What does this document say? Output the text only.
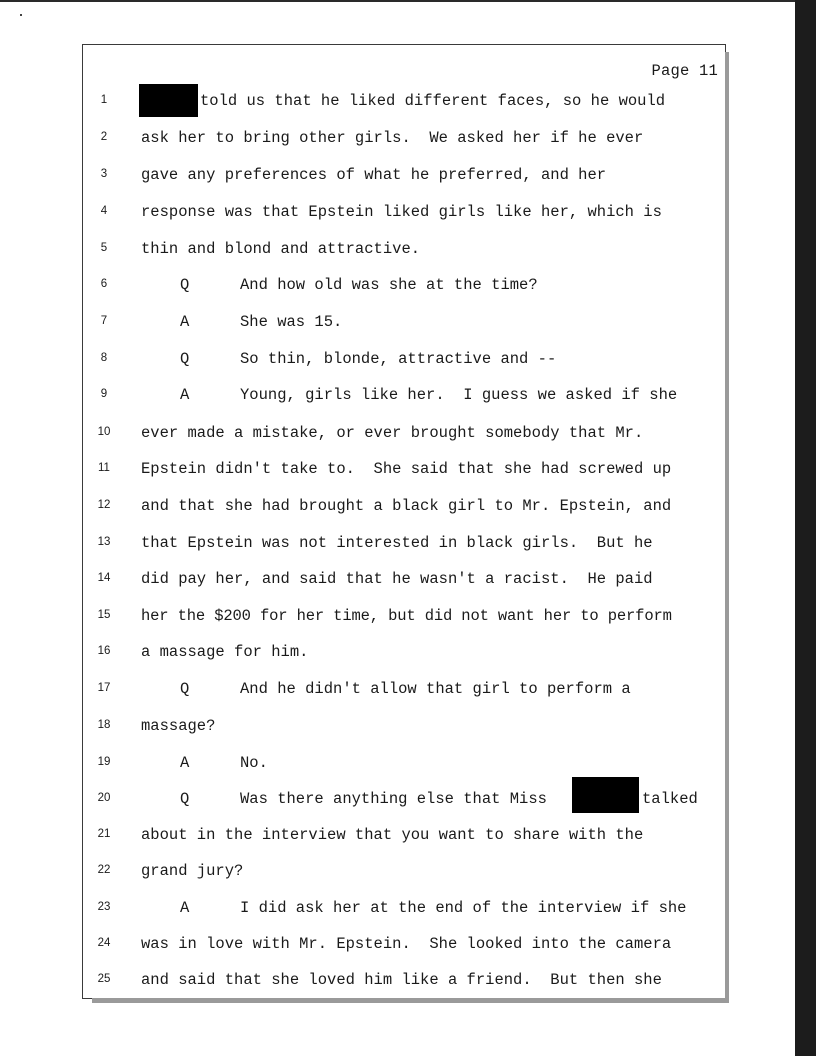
Page 11
1	told us that he liked different faces, so he would
2	ask her to bring other girls.  We asked her if he ever
3	gave any preferences of what he preferred, and her
4	response was that Epstein liked girls like her, which is
5	thin and blond and attractive.
6	Q	And how old was she at the time?
7	A	She was 15.
8	Q	So thin, blonde, attractive and --
9	A	Young, girls like her.  I guess we asked if she
10	ever made a mistake, or ever brought somebody that Mr.
11	Epstein didn't take to.  She said that she had screwed up
12	and that she had brought a black girl to Mr. Epstein, and
13	that Epstein was not interested in black girls.  But he
14	did pay her, and said that he wasn't a racist.  He paid
15	her the $200 for her time, but did not want her to perform
16	a massage for him.
17	Q	And he didn't allow that girl to perform a
18	massage?
19	A	No.
20	Q	Was there anything else that Miss	talked
21	about in the interview that you want to share with the
22	grand jury?
23	A	I did ask her at the end of the interview if she
24	was in love with Mr. Epstein.  She looked into the camera
25	and said that she loved him like a friend.  But then she
